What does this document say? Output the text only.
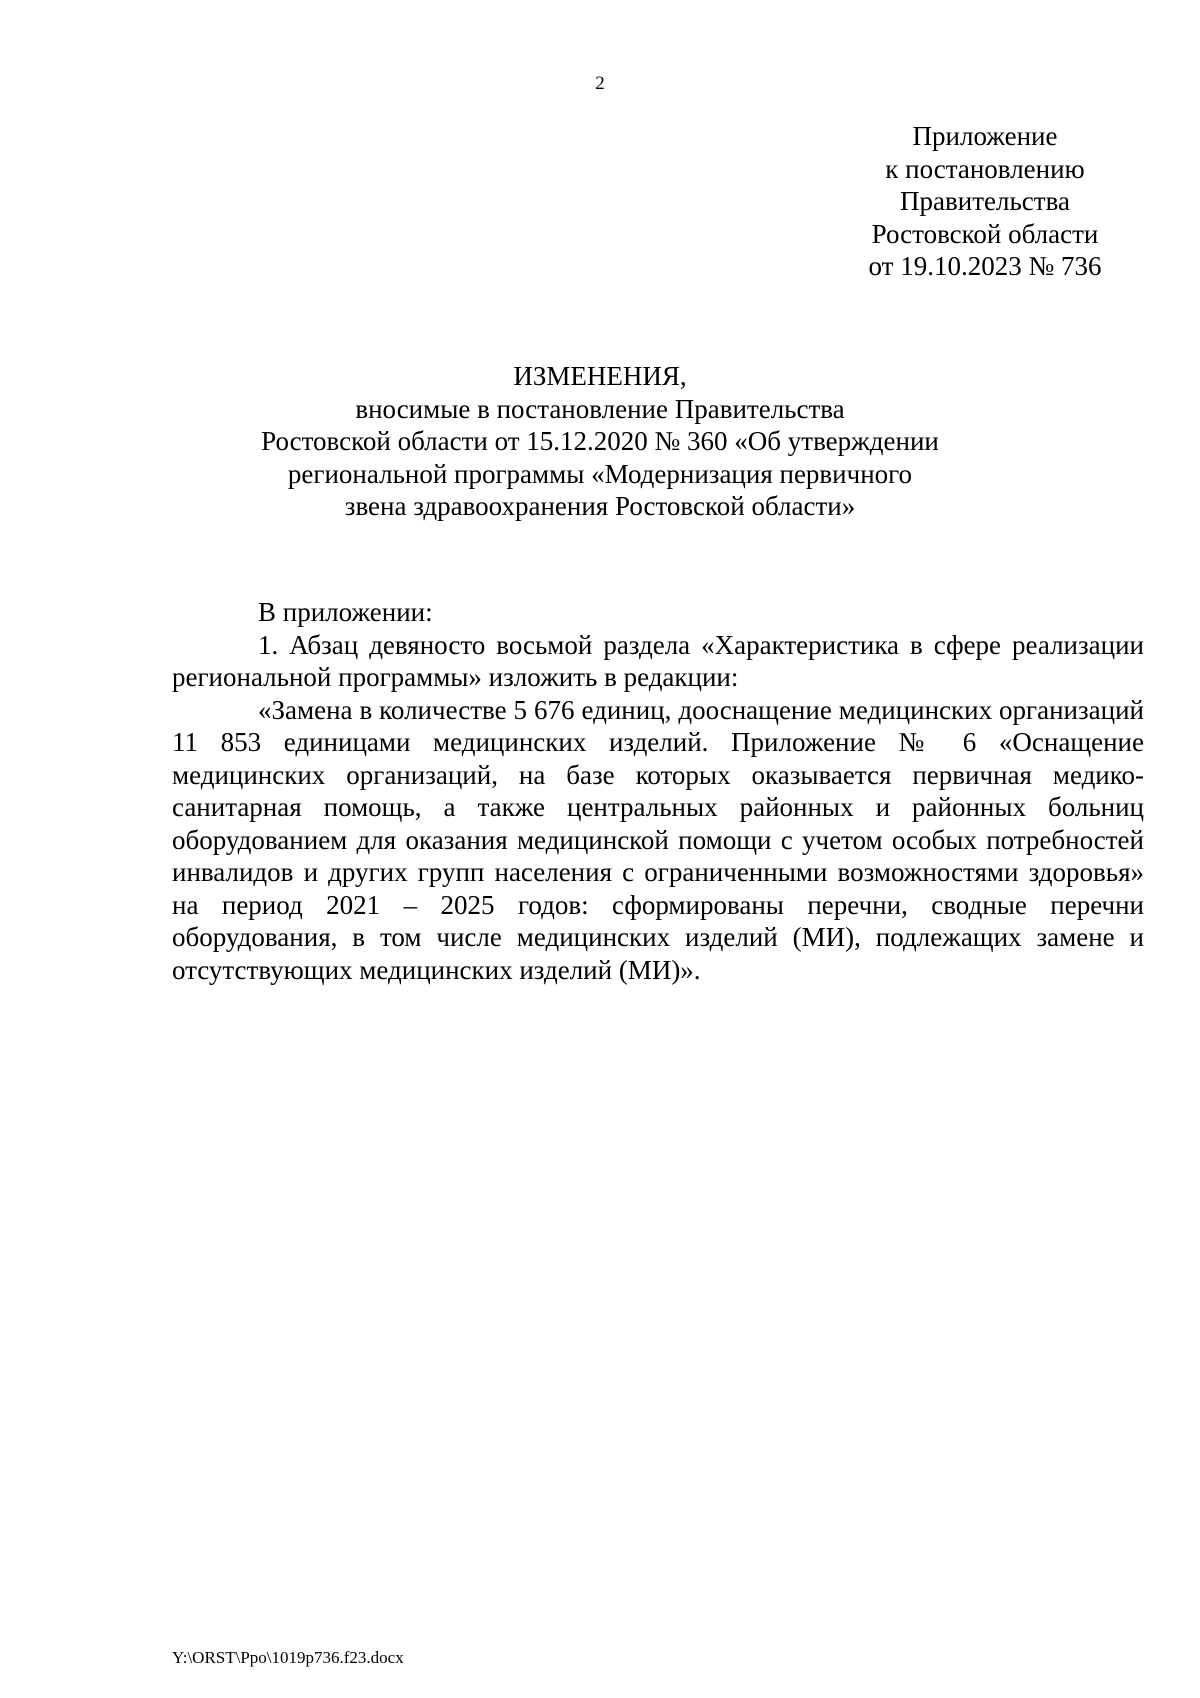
2
Приложение
к постановлению
Правительства
Ростовской области
от 19.10.2023 № 736
ИЗМЕНЕНИЯ,
вносимые в постановление Правительства
Ростовской области от 15.12.2020 № 360 «Об утверждении
региональной программы «Модернизация первичного
звена здравоохранения Ростовской области»

В приложении:

1. Абзац девяносто восьмой раздела «Характеристика в сфере реализации региональной программы» изложить в редакции:

«Замена в количестве 5 676 единиц, дооснащение медицинских организаций 11 853 единицами медицинских изделий. Приложение № 6 «Оснащение медицинских организаций, на базе которых оказывается первичная медико-санитарная помощь, а также центральных районных и районных больниц оборудованием для оказания медицинской помощи с учетом особых потребностей инвалидов и других групп населения с ограниченными возможностями здоровья» на период 2021 – 2025 годов: сформированы перечни, сводные перечни оборудования, в том числе медицинских изделий (МИ), подлежащих замене и отсутствующих медицинских изделий (МИ)».

Y:\ORST\Ppo\1019p736.f23.docx
